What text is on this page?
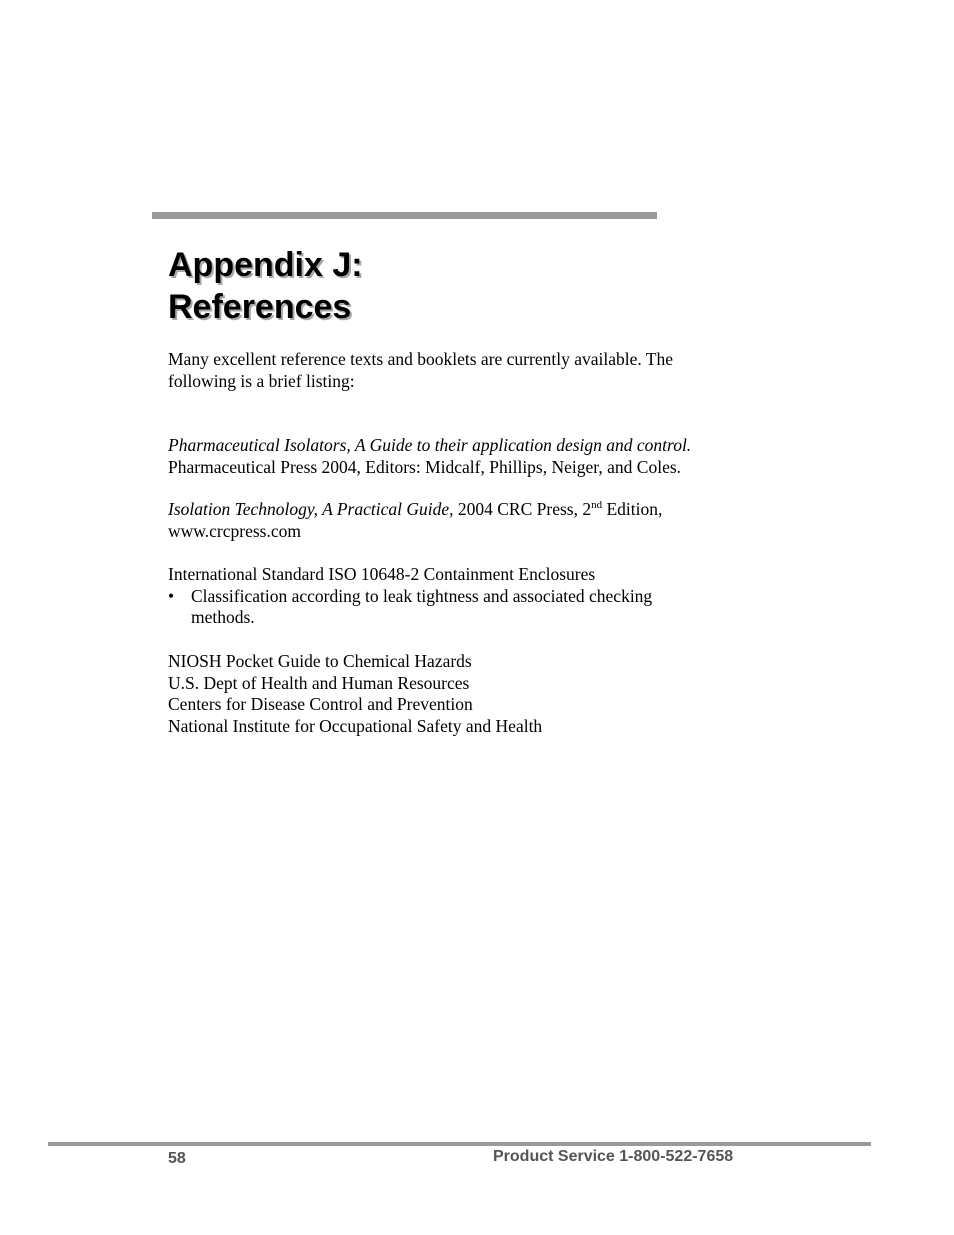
Appendix J:
References

Many excellent reference texts and booklets are currently available. The
following is a brief listing:

Pharmaceutical Isolators, A Guide to their application design and control.
Pharmaceutical Press 2004, Editors: Midcalf, Phillips, Neiger, and Coles.
Isolation Technology, A Practical Guide, 2004 CRC Press, 2nd Edition,
www.crcpress.com
International Standard ISO 10648-2 Containment Enclosures
• Classification according to leak tightness and associated checking
methods.
NIOSH Pocket Guide to Chemical Hazards
U.S. Dept of Health and Human Resources
Centers for Disease Control and Prevention
National Institute for Occupational Safety and Health
58	Product Service 1-800-522-7658
